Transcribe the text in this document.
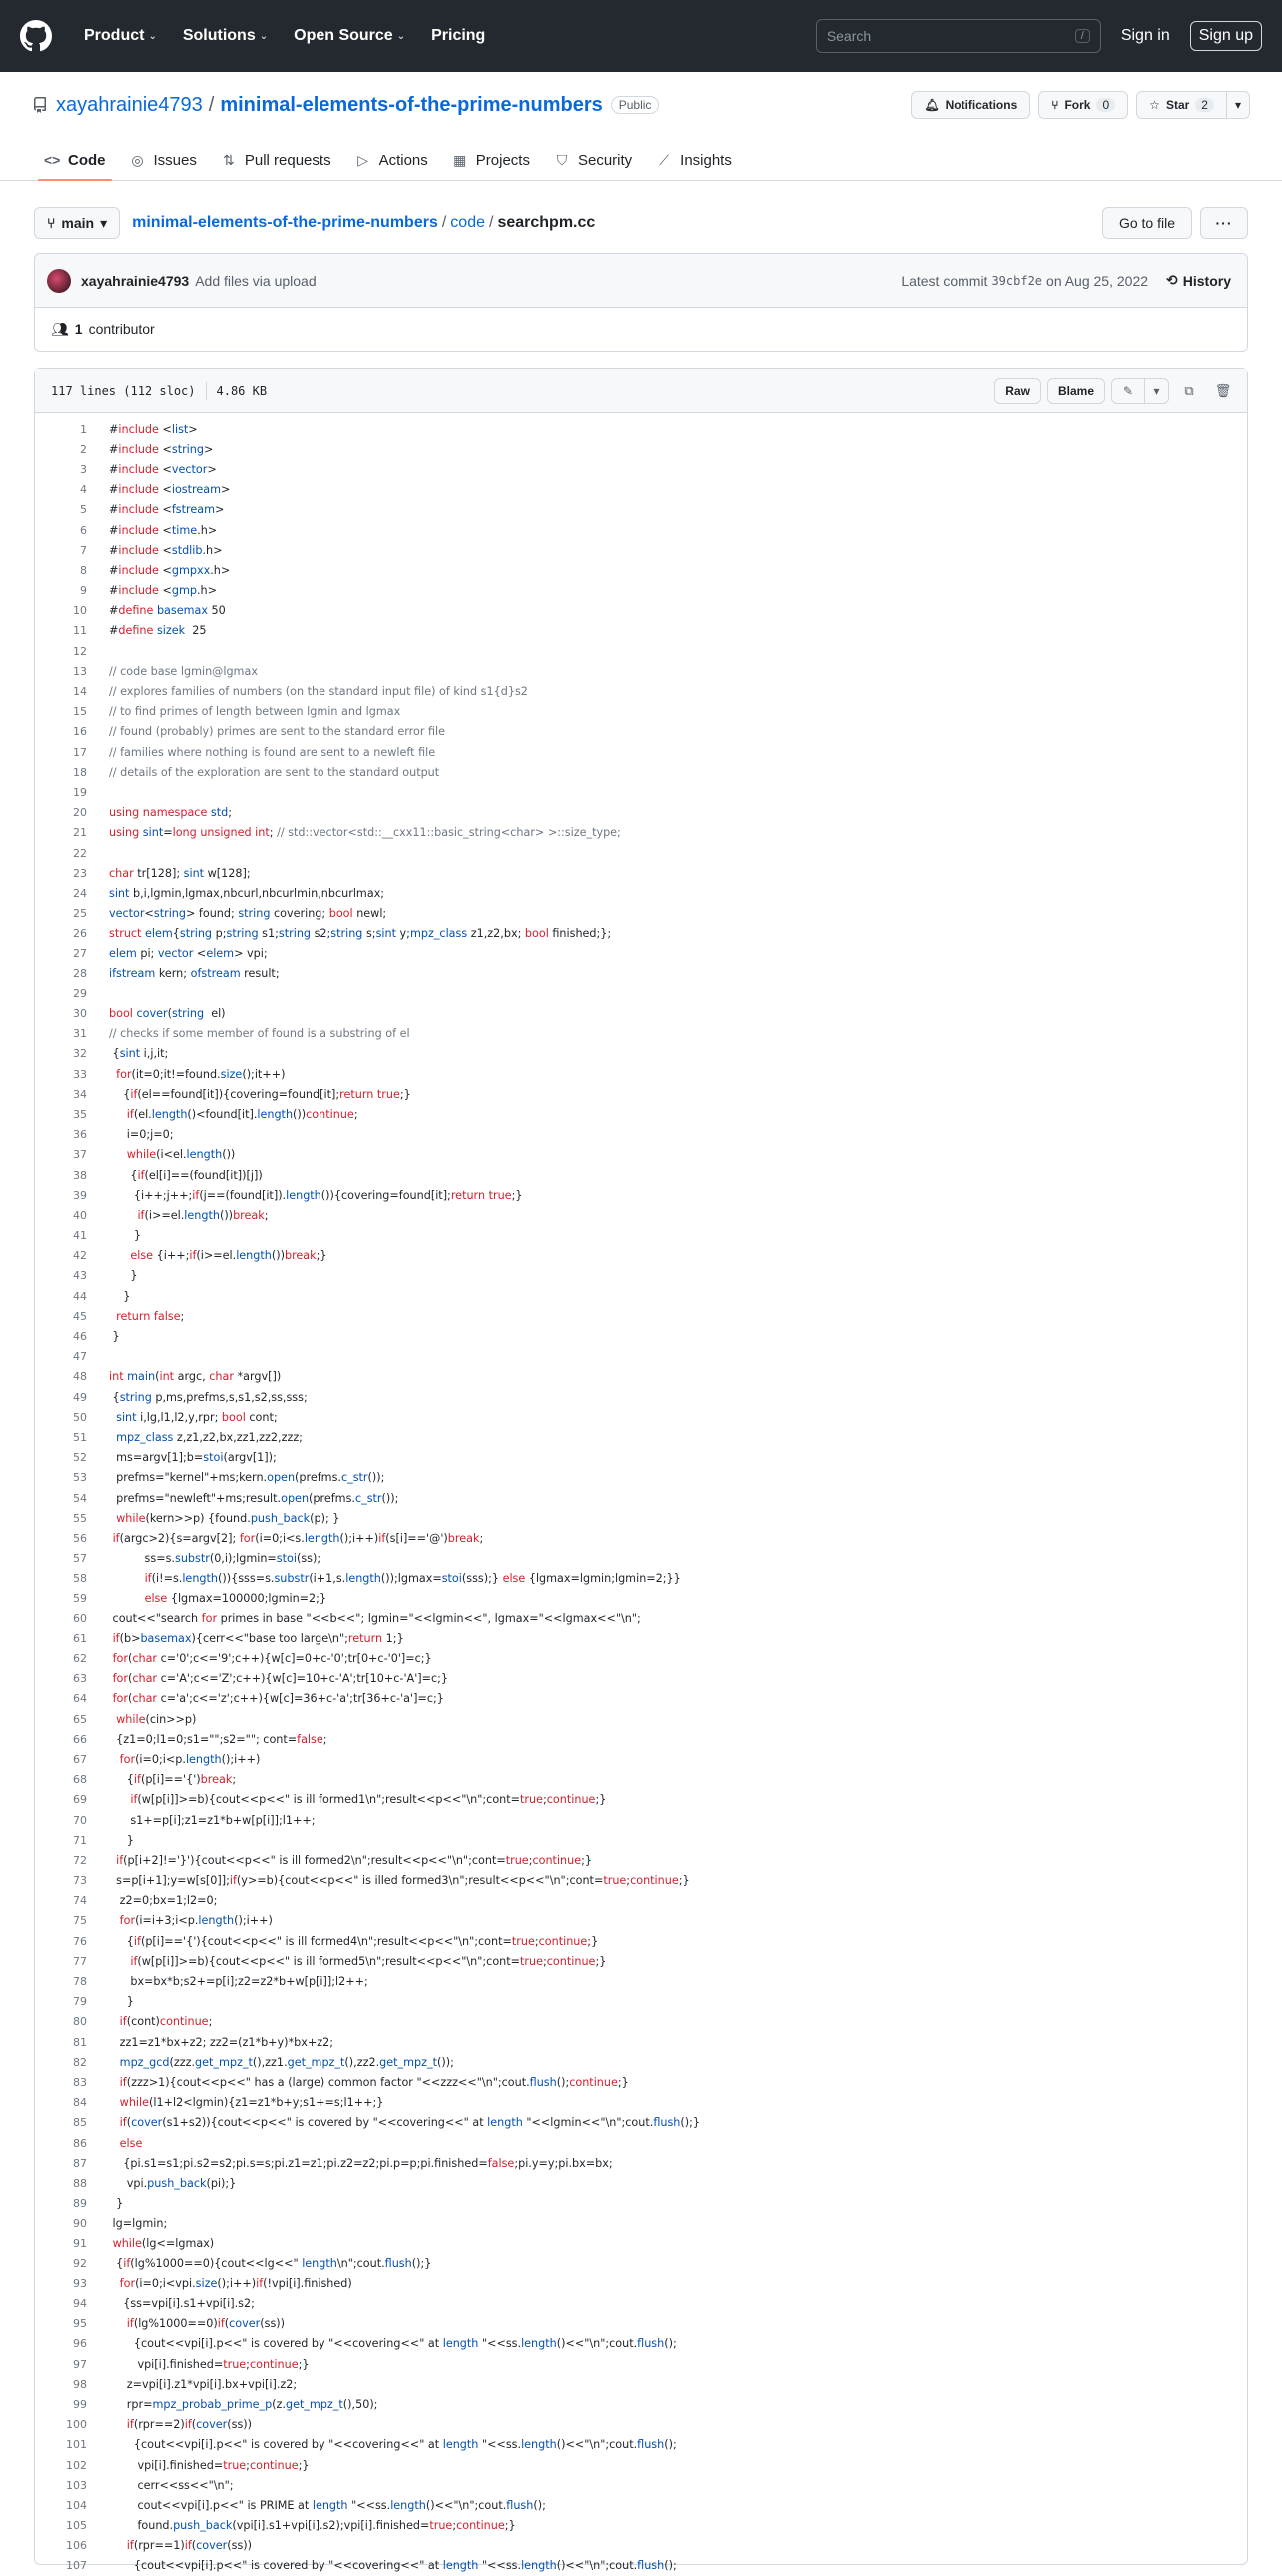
Product ⌄ Solutions ⌄ Open Source ⌄ Pricing	Search	/	Sign in	Sign up
xayahrainie4793 / minimal-elements-of-the-prime-numbers	Public	🔔︎ Notifications	⑂ Fork	0	☆ Star	2	▾
<> Code ◎ Issues ⇅ Pull requests ▷ Actions ▦ Projects ⛉ Security ⟋ Insights
⑂ main ▾ minimal-elements-of-the-prime-numbers / code / searchpm.cc	Go to file	···
xayahrainie4793 Add files via upload	Latest commit 39cbf2e on Aug 25, 2022 ⟲ History
👥︎ 1 contributor
117 lines (112 sloc) 4.86 KB	Raw	Blame	✎	▾	⧉	🗑︎
1	#include <list>
2	#include <string>
3	#include <vector>
4	#include <iostream>
5	#include <fstream>
6	#include <time.h>
7	#include <stdlib.h>
8	#include <gmpxx.h>
9	#include <gmp.h>
10	#define basemax 50
11	#define sizek  25
12
13	// code base lgmin@lgmax
14	// explores families of numbers (on the standard input file) of kind s1{d}s2
15	// to find primes of length between lgmin and lgmax
16	// found (probably) primes are sent to the standard error file
17	// families where nothing is found are sent to a newleft file
18	// details of the exploration are sent to the standard output
19
20	using namespace std;
21	using sint=long unsigned int; // std::vector<std::__cxx11::basic_string<char> >::size_type;
22
23	char tr[128]; sint w[128];
24	sint b,i,lgmin,lgmax,nbcurl,nbcurlmin,nbcurlmax;
25	vector<string> found; string covering; bool newl;
26	struct elem{string p;string s1;string s2;string s;sint y;mpz_class z1,z2,bx; bool finished;};
27	elem pi; vector <elem> vpi;
28	ifstream kern; ofstream result;
29
30	bool cover(string  el)
31	// checks if some member of found is a substring of el
32	{sint i,j,it;
33	for(it=0;it!=found.size();it++)
34	{if(el==found[it]){covering=found[it];return true;}
35	if(el.length()<found[it].length())continue;
36	i=0;j=0;
37	while(i<el.length())
38	{if(el[i]==(found[it])[j])
39	{i++;j++;if(j==(found[it]).length()){covering=found[it];return true;}
40	if(i>=el.length())break;
41	}
42	else {i++;if(i>=el.length())break;}
43	}
44	}
45	return false;
46	}
47
48	int main(int argc, char *argv[])
49	{string p,ms,prefms,s,s1,s2,ss,sss;
50	sint i,lg,l1,l2,y,rpr; bool cont;
51	mpz_class z,z1,z2,bx,zz1,zz2,zzz;
52	ms=argv[1];b=stoi(argv[1]);
53	prefms="kernel"+ms;kern.open(prefms.c_str());
54	prefms="newleft"+ms;result.open(prefms.c_str());
55	while(kern>>p) {found.push_back(p); }
56	if(argc>2){s=argv[2]; for(i=0;i<s.length();i++)if(s[i]=='@')break;
57	ss=s.substr(0,i);lgmin=stoi(ss);
58	if(i!=s.length()){sss=s.substr(i+1,s.length());lgmax=stoi(sss);} else {lgmax=lgmin;lgmin=2;}}
59	else {lgmax=100000;lgmin=2;}
60	cout<<"search for primes in base "<<b<<"; lgmin="<<lgmin<<", lgmax="<<lgmax<<"\n";
61	if(b>basemax){cerr<<"base too large\n";return 1;}
62	for(char c='0';c<='9';c++){w[c]=0+c-'0';tr[0+c-'0']=c;}
63	for(char c='A';c<='Z';c++){w[c]=10+c-'A';tr[10+c-'A']=c;}
64	for(char c='a';c<='z';c++){w[c]=36+c-'a';tr[36+c-'a']=c;}
65	while(cin>>p)
66	{z1=0;l1=0;s1="";s2=""; cont=false;
67	for(i=0;i<p.length();i++)
68	{if(p[i]=='{')break;
69	if(w[p[i]]>=b){cout<<p<<" is ill formed1\n";result<<p<<"\n";cont=true;continue;}
70	s1+=p[i];z1=z1*b+w[p[i]];l1++;
71	}
72	if(p[i+2]!='}'){cout<<p<<" is ill formed2\n";result<<p<<"\n";cont=true;continue;}
73	s=p[i+1];y=w[s[0]];if(y>=b){cout<<p<<" is illed formed3\n";result<<p<<"\n";cont=true;continue;}
74	z2=0;bx=1;l2=0;
75	for(i=i+3;i<p.length();i++)
76	{if(p[i]=='{'){cout<<p<<" is ill formed4\n";result<<p<<"\n";cont=true;continue;}
77	if(w[p[i]]>=b){cout<<p<<" is ill formed5\n";result<<p<<"\n";cont=true;continue;}
78	bx=bx*b;s2+=p[i];z2=z2*b+w[p[i]];l2++;
79	}
80	if(cont)continue;
81	zz1=z1*bx+z2; zz2=(z1*b+y)*bx+z2;
82	mpz_gcd(zzz.get_mpz_t(),zz1.get_mpz_t(),zz2.get_mpz_t());
83	if(zzz>1){cout<<p<<" has a (large) common factor "<<zzz<<"\n";cout.flush();continue;}
84	while(l1+l2<lgmin){z1=z1*b+y;s1+=s;l1++;}
85	if(cover(s1+s2)){cout<<p<<" is covered by "<<covering<<" at length "<<lgmin<<"\n";cout.flush();}
86	else
87	{pi.s1=s1;pi.s2=s2;pi.s=s;pi.z1=z1;pi.z2=z2;pi.p=p;pi.finished=false;pi.y=y;pi.bx=bx;
88	vpi.push_back(pi);}
89	}
90	lg=lgmin;
91	while(lg<=lgmax)
92	{if(lg%1000==0){cout<<lg<<" length\n";cout.flush();}
93	for(i=0;i<vpi.size();i++)if(!vpi[i].finished)
94	{ss=vpi[i].s1+vpi[i].s2;
95	if(lg%1000==0)if(cover(ss))
96	{cout<<vpi[i].p<<" is covered by "<<covering<<" at length "<<ss.length()<<"\n";cout.flush();
97	vpi[i].finished=true;continue;}
98	z=vpi[i].z1*vpi[i].bx+vpi[i].z2;
99	rpr=mpz_probab_prime_p(z.get_mpz_t(),50);
100	if(rpr==2)if(cover(ss))
101	{cout<<vpi[i].p<<" is covered by "<<covering<<" at length "<<ss.length()<<"\n";cout.flush();
102	vpi[i].finished=true;continue;}
103	cerr<<ss<<"\n";
104	cout<<vpi[i].p<<" is PRIME at length "<<ss.length()<<"\n";cout.flush();
105	found.push_back(vpi[i].s1+vpi[i].s2);vpi[i].finished=true;continue;}
106	if(rpr==1)if(cover(ss))
107	{cout<<vpi[i].p<<" is covered by "<<covering<<" at length "<<ss.length()<<"\n";cout.flush();
